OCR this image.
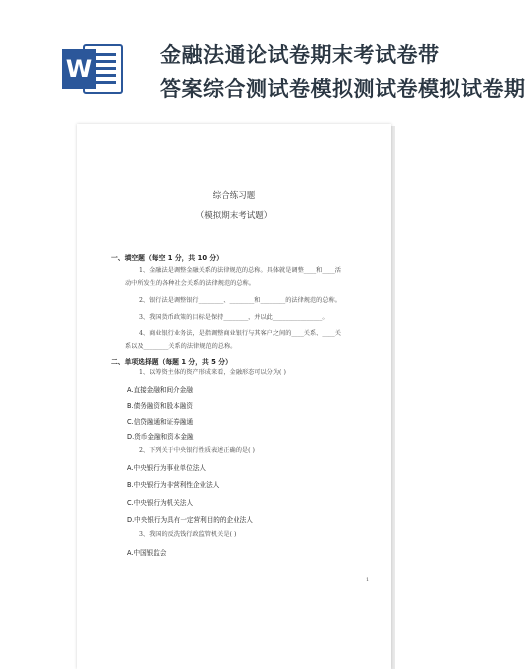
W	金融法通论试卷期末考试卷带
答案综合测试卷模拟测试卷模拟试卷期
综合练习题
（模拟期末考试题）
一、填空题（每空 1 分，共 10 分）
1、金融法是调整金融关系的法律规范的总称。具体就是调整____和____活
动中所发生的各种社会关系的法律规范的总称。
2、银行法是调整银行________、________和________的法律规范的总称。
3、我国货币政策的目标是保持________，并以此________________。
4、商业银行业务法，是指调整商业银行与其客户之间的____关系、____关
系以及________关系的法律规范的总称。
二、单项选择题（每题 1 分，共 5 分）
1、以筹资主体的资产形成来看，金融形态可以分为( )
A.直接金融和间介金融
B.债务融资和股本融资
C.信贷融通和证券融通
D.货币金融和资本金融
2、下列关于中央银行性质表述正确的是( )
A.中央银行为事业单位法人
B.中央银行为非营利性企业法人
C.中央银行为机关法人
D.中央银行为具有一定营利目的的企业法人
3、我国的反洗钱行政监管机关是( )
A.中国银监会
1
